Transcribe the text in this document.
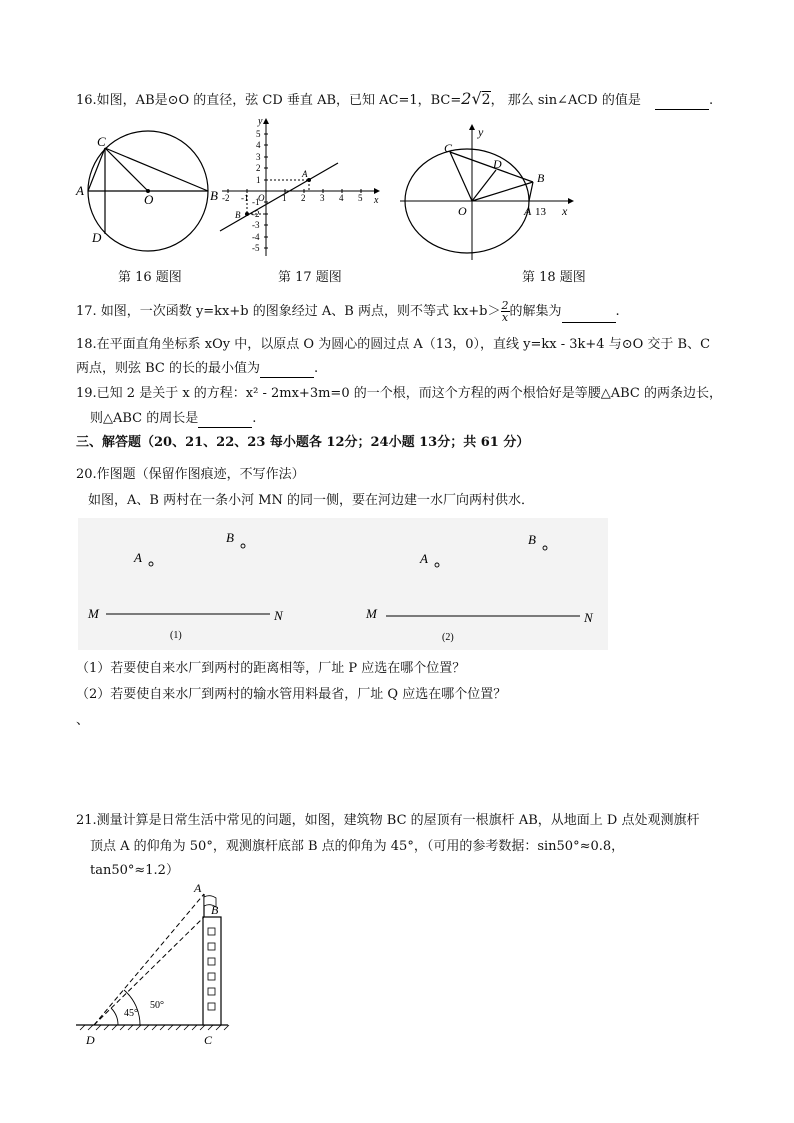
16.如图，AB是⊙O 的直径，弦 CD 垂直 AB，已知 AC=1，BC=2√2， 那么 sin∠ACD 的值是	.
A	B
C
D
O
第 16 题图
-2 -1	1 2 3 4 5
5
4
3
2
1
-1
-2
-3
-4
-5
A
B
O	x
y
第 17 题图
C
D
B
O	A 13 x
y
第 18 题图
17. 如图，一次函数 y=kx+b 的图象经过 A、B 两点，则不等式 $kx+b> \frac{2}{x}$ 的解集为	.
18.在平面直角坐标系 xOy 中，以原点 O 为圆心的圆过点 A（13，0），直线 y=kx - 3k+4 与⊙O 交于 B、C
两点，则弦 BC 的长的最小值为	.
19.已知 2 是关于 x 的方程：x² - 2mx+3m=0 的一个根，而这个方程的两个根恰好是等腰△ABC 的两条边长，
则△ABC 的周长是	.
三、解答题（20、21、22、23 每小题各 12分；24小题 13分；共 61 分）
20.作图题（保留作图痕迹，不写作法）
如图，A、B 两村在一条小河 MN 的同一侧，要在河边建一水厂向两村供水．
B
A
M	N
(1)
B
A
M	N
(2)
（1）若要使自来水厂到两村的距离相等，厂址 P 应选在哪个位置？
（2）若要使自来水厂到两村的输水管用料最省，厂址 Q 应选在哪个位置？
、
21.测量计算是日常生活中常见的问题，如图，建筑物 BC 的屋顶有一根旗杆 AB，从地面上 D 点处观测旗杆
顶点 A 的仰角为 50°，观测旗杆底部 B 点的仰角为 45°，（可用的参考数据：sin50°≈0.8，
tan50°≈1.2）
45°
50°
A
B
D	C
